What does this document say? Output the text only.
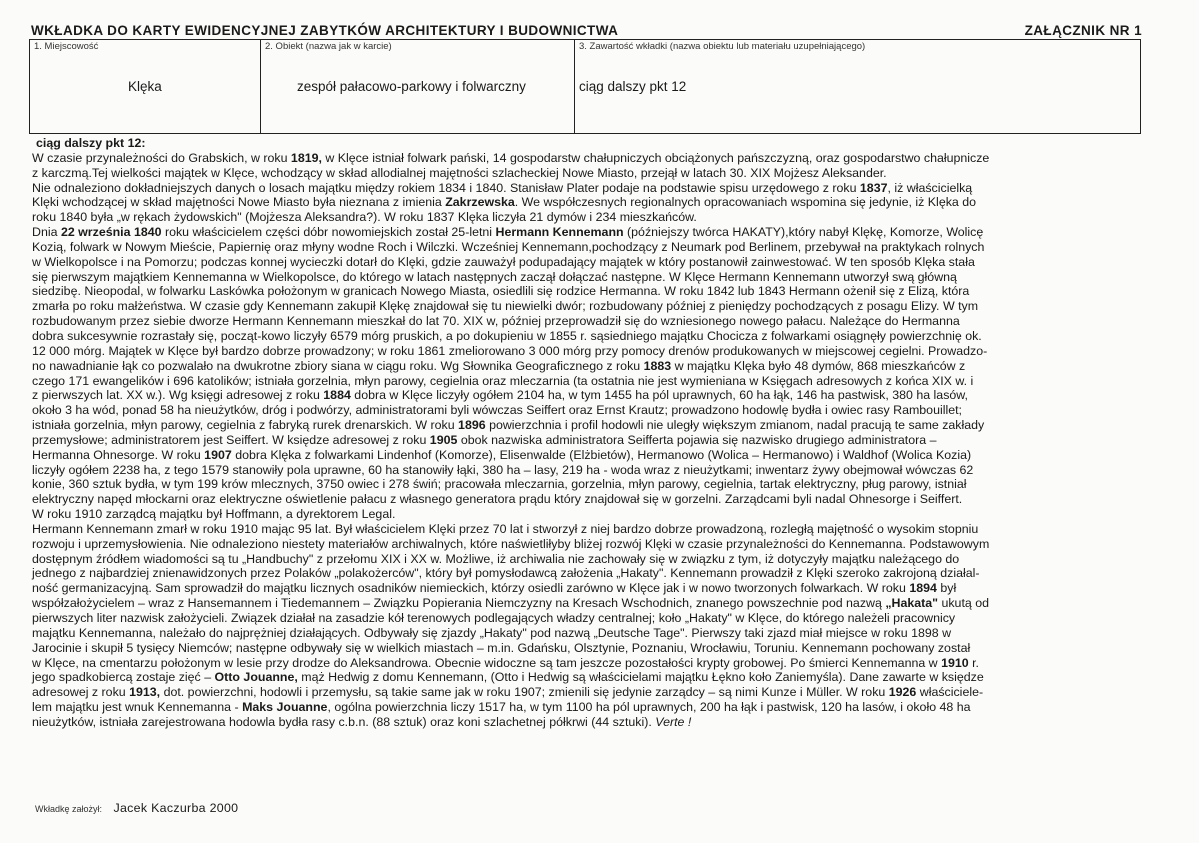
WKŁADKA DO KARTY EWIDENCYJNEJ ZABYTKÓW ARCHITEKTURY I BUDOWNICTWA	ZAŁĄCZNIK NR 1
1. Miejscowość
Klęka
2. Obiekt (nazwa jak w karcie)
zespół pałacowo-parkowy i folwarczny
3. Zawartość wkładki (nazwa obiektu lub materiału uzupełniającego)
ciąg dalszy pkt 12
ciąg dalszy pkt 12:
W czasie przynależności do Grabskich, w roku 1819, w Klęce istniał folwark pański, 14 gospodarstw chałupniczych obciążonych pańszczyzną, oraz gospodarstwo chałupnicze
z karczmą.Tej wielkości majątek w Klęce, wchodzący w skład allodialnej majętności szlacheckiej Nowe Miasto, przejął w latach 30. XIX Mojżesz Aleksander.
Nie odnaleziono dokładniejszych danych o losach majątku między rokiem 1834 i 1840. Stanisław Plater podaje na podstawie spisu urzędowego z roku 1837, iż właścicielką
Klęki wchodzącej w skład majętności Nowe Miasto była nieznana z imienia Zakrzewska. We współczesnych regionalnych opracowaniach wspomina się jedynie, iż Klęka do
roku 1840 była „w rękach żydowskich" (Mojżesza Aleksandra?). W roku 1837 Klęka liczyła 21 dymów i 234 mieszkańców.
Dnia 22 września 1840 roku właścicielem części dóbr nowomiejskich został 25-letni Hermann Kennemann (późniejszy twórca HAKATY),który nabył Klękę, Komorze, Wolicę
Kozią, folwark w Nowym Mieście, Papiernię oraz młyny wodne Roch i Wilczki. Wcześniej Kennemann,pochodzący z Neumark pod Berlinem, przebywał na praktykach rolnych
w Wielkopolsce i na Pomorzu; podczas konnej wycieczki dotarł do Klęki, gdzie zauważył podupadający majątek w który postanowił zainwestować. W ten sposób Klęka stała
się pierwszym majątkiem Kennemanna w Wielkopolsce, do którego w latach następnych zaczął dołączać następne. W Klęce Hermann Kennemann utworzył swą główną
siedzibę. Nieopodal, w folwarku Laskówka położonym w granicach Nowego Miasta, osiedlili się rodzice Hermanna. W roku 1842 lub 1843 Hermann ożenił się z Elizą, która
zmarła po roku małżeństwa. W czasie gdy Kennemann zakupił Klękę znajdował się tu niewielki dwór; rozbudowany później z pieniędzy pochodzących z posagu Elizy. W tym
rozbudowanym przez siebie dworze Hermann Kennemann mieszkał do lat 70. XIX w, później przeprowadził się do wzniesionego nowego pałacu. Należące do Hermanna
dobra sukcesywnie rozrastały się, począt-kowo liczyły 6579 mórg pruskich, a po dokupieniu w 1855 r. sąsiedniego majątku Chocicza z folwarkami osiągnęły powierzchnię ok.
12 000 mórg. Majątek w Klęce był bardzo dobrze prowadzony; w roku 1861 zmeliorowano 3 000 mórg przy pomocy drenów produkowanych w miejscowej cegielni. Prowadzo-
no nawadnianie łąk co pozwalało na dwukrotne zbiory siana w ciągu roku. Wg Słownika Geograficznego z roku 1883 w majątku Klęka było 48 dymów, 868 mieszkańców z
czego 171 ewangelików i 696 katolików; istniała gorzelnia, młyn parowy, cegielnia oraz mleczarnia (ta ostatnia nie jest wymieniana w Księgach adresowych z końca XIX w. i
z pierwszych lat. XX w.). Wg księgi adresowej z roku 1884 dobra w Klęce liczyły ogółem 2104 ha, w tym 1455 ha pól uprawnych, 60 ha łąk, 146 ha pastwisk, 380 ha lasów,
około 3 ha wód, ponad 58 ha nieużytków, dróg i podwórzy, administratorami byli wówczas Seiffert oraz Ernst Krautz; prowadzono hodowlę bydła i owiec rasy Rambouillet;
istniała gorzelnia, młyn parowy, cegielnia z fabryką rurek drenarskich. W roku 1896 powierzchnia i profil hodowli nie uległy większym zmianom, nadal pracują te same zakłady
przemysłowe; administratorem jest Seiffert. W księdze adresowej z roku 1905 obok nazwiska administratora Seifferta pojawia się nazwisko drugiego administratora –
Hermanna Ohnesorge. W roku 1907 dobra Klęka z folwarkami Lindenhof (Komorze), Elisenwalde (Elżbietów), Hermanowo (Wolica – Hermanowo) i Waldhof (Wolica Kozia)
liczyły ogółem 2238 ha, z tego 1579 stanowiły pola uprawne, 60 ha stanowiły łąki, 380 ha – lasy, 219 ha - woda wraz z nieużytkami; inwentarz żywy obejmował wówczas 62
konie, 360 sztuk bydła, w tym 199 krów mlecznych, 3750 owiec i 278 świń; pracowała mleczarnia, gorzelnia, młyn parowy, cegielnia, tartak elektryczny, pług parowy, istniał
elektryczny napęd młockarni oraz elektryczne oświetlenie pałacu z własnego generatora prądu który znajdował się w gorzelni. Zarządcami byli nadal Ohnesorge i Seiffert.
W roku 1910 zarządcą majątku był Hoffmann, a dyrektorem Legal.
Hermann Kennemann zmarł w roku 1910 mając 95 lat. Był właścicielem Klęki przez 70 lat i stworzył z niej bardzo dobrze prowadzoną, rozległą majętność o wysokim stopniu
rozwoju i uprzemysłowienia. Nie odnaleziono niestety materiałów archiwalnych, które naświetliłyby bliżej rozwój Klęki w czasie przynależności do Kennemanna. Podstawowym
dostępnym źródłem wiadomości są tu „Handbuchy" z przełomu XIX i XX w. Możliwe, iż archiwalia nie zachowały się w związku z tym, iż dotyczyły majątku należącego do
jednego z najbardziej znienawidzonych przez Polaków „polakożerców", który był pomysłodawcą założenia „Hakaty". Kennemann prowadził z Klęki szeroko zakrojoną działal-
ność germanizacyjną. Sam sprowadził do majątku licznych osadników niemieckich, którzy osiedli zarówno w Klęce jak i w nowo tworzonych folwarkach. W roku 1894 był
współzałożycielem – wraz z Hansemannem i Tiedemannem – Związku Popierania Niemczyzny na Kresach Wschodnich, znanego powszechnie pod nazwą „Hakata" ukutą od
pierwszych liter nazwisk założycieli. Związek działał na zasadzie kół terenowych podlegających władzy centralnej; koło „Hakaty" w Klęce, do którego należeli pracownicy
majątku Kennemanna, należało do najprężniej działających. Odbywały się zjazdy „Hakaty" pod nazwą „Deutsche Tage". Pierwszy taki zjazd miał miejsce w roku 1898 w
Jarocinie i skupił 5 tysięcy Niemców; następne odbywały się w wielkich miastach – m.in. Gdańsku, Olsztynie, Poznaniu, Wrocławiu, Toruniu. Kennemann pochowany został
w Klęce, na cmentarzu położonym w lesie przy drodze do Aleksandrowa. Obecnie widoczne są tam jeszcze pozostałości krypty grobowej. Po śmierci Kennemanna w 1910 r.
jego spadkobiercą zostaje zięć – Otto Jouanne, mąż Hedwig z domu Kennemann, (Otto i Hedwig są właścicielami majątku Łękno koło Zaniemyśla). Dane zawarte w księdze
adresowej z roku 1913, dot. powierzchni, hodowli i przemysłu, są takie same jak w roku 1907; zmienili się jedynie zarządcy – są nimi Kunze i Müller. W roku 1926 właściciele-
lem majątku jest wnuk Kennemanna - Maks Jouanne, ogólna powierzchnia liczy 1517 ha, w tym 1100 ha pól uprawnych, 200 ha łąk i pastwisk, 120 ha lasów, i około 48 ha
nieużytków, istniała zarejestrowana hodowla bydła rasy c.b.n. (88 sztuk) oraz koni szlachetnej półkrwi (44 sztuki). Verte !
Wkładkę założył: Jacek Kaczurba 2000
